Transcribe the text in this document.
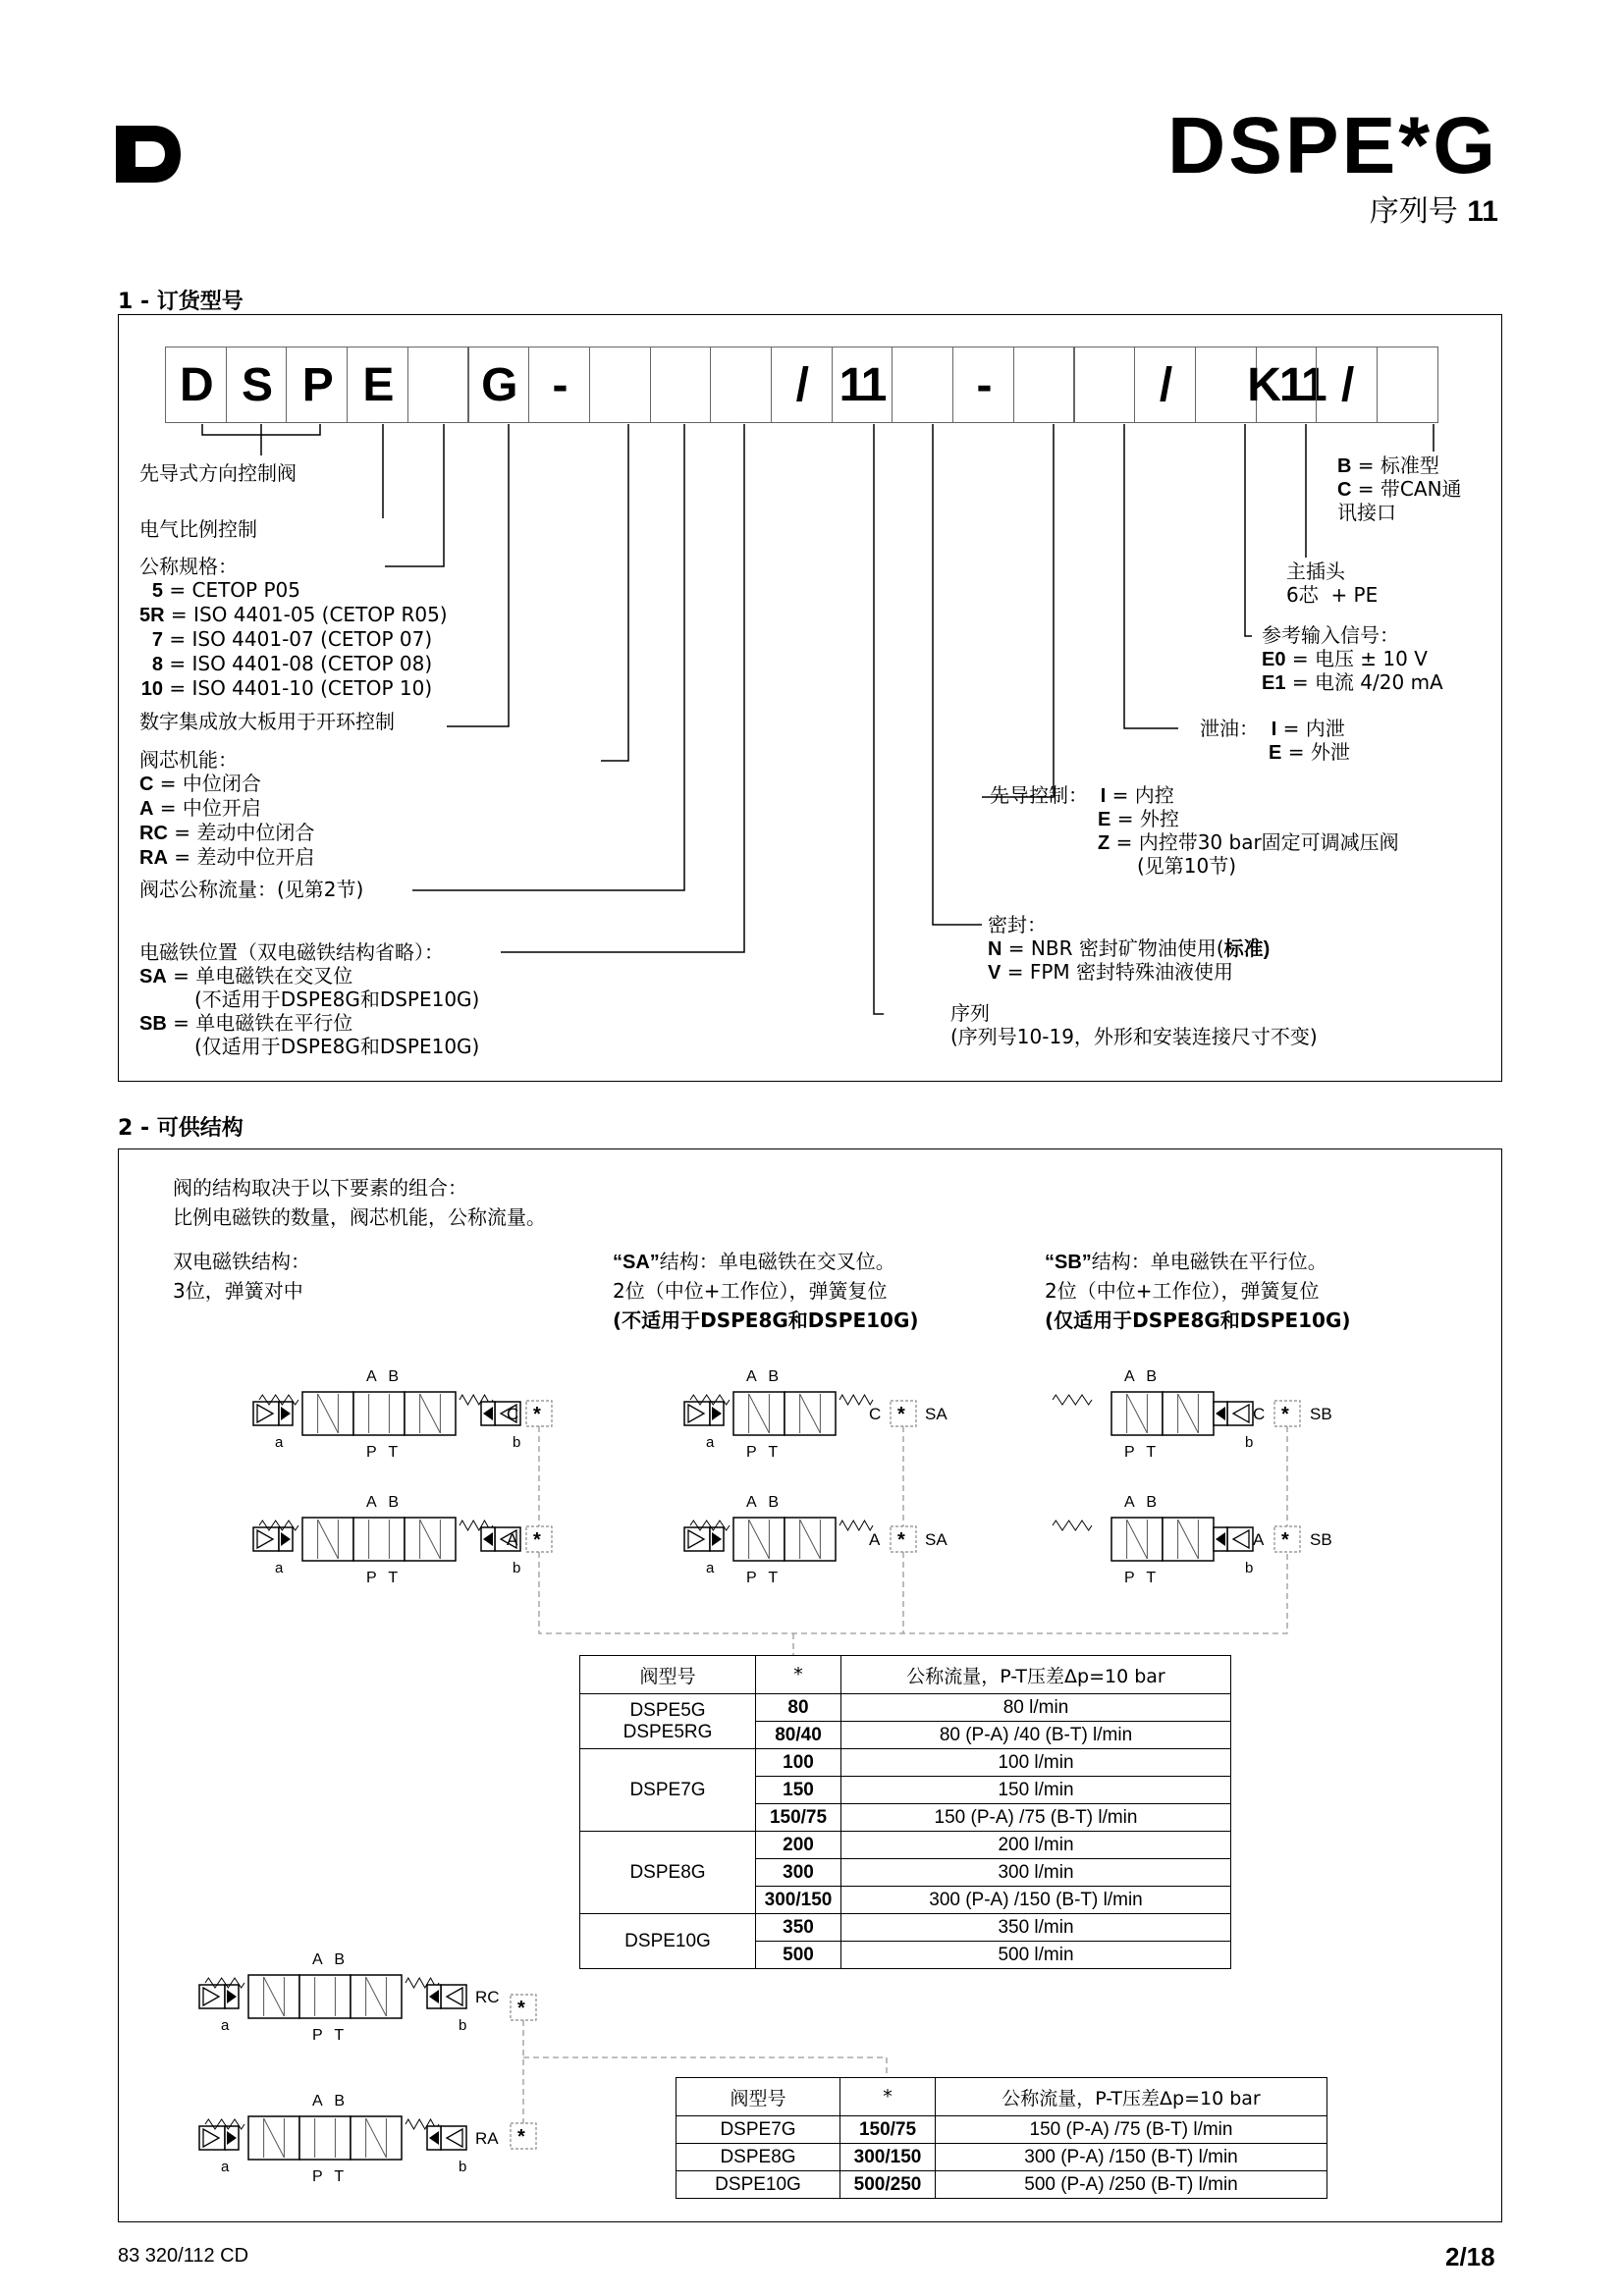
DSPE*G
序列号 11
1 - 订货型号
D S P E	G -	/ 11	-	/	K11 /
先导式方向控制阀
电气比例控制
公称规格：
5 = CETOP P05
5R = ISO 4401-05 (CETOP R05)
7 = ISO 4401-07 (CETOP 07)
8 = ISO 4401-08 (CETOP 08)
10 = ISO 4401-10 (CETOP 10)
数字集成放大板用于开环控制
阀芯机能：
C = 中位闭合
A = 中位开启
RC = 差动中位闭合
RA = 差动中位开启
阀芯公称流量：(见第2节)
电磁铁位置（双电磁铁结构省略）：
SA = 单电磁铁在交叉位
(不适用于DSPE8G和DSPE10G)
SB = 单电磁铁在平行位
(仅适用于DSPE8G和DSPE10G)
B = 标准型
C = 带CAN通
讯接口
主插头
6芯  + PE
参考输入信号：
E0 = 电压 ± 10 V
E1 = 电流 4/20 mA
泄油： I = 内泄
E = 外泄
先导控制： I = 内控
E = 外控
Z = 内控带30 bar固定可调减压阀
(见第10节)
密封：
N = NBR 密封矿物油使用(标准)
V = FPM 密封特殊油液使用
序列
(序列号10-19，外形和安装连接尺寸不变)
2 - 可供结构
阀的结构取决于以下要素的组合：
比例电磁铁的数量，阀芯机能，公称流量。
双电磁铁结构：
3位，弹簧对中
“SA”结构：单电磁铁在交叉位。
2位（中位+工作位），弹簧复位
(不适用于DSPE8G和DSPE10G)
“SB”结构：单电磁铁在平行位。
2位（中位+工作位），弹簧复位
(仅适用于DSPE8G和DSPE10G)
A B
P T
a	b
C *
A B
P T
a	b
A *
A B
P T
a
C * SA
A B
P T
a
A * SA
A B
P T
b
C * SB
A B
P T
b
A * SB
A B
P T
a	b
RC
*
A B
P T
a	b
RA *
阀型号	*	公称流量，P-T压差Δp=10 bar
DSPE5G
DSPE5RG	80	80 l/min
	80/40	80 (P-A) /40 (B-T) l/min
DSPE7G	100	100 l/min
	150	150 l/min
	150/75	150 (P-A) /75 (B-T) l/min
DSPE8G	200	200 l/min
	300	300 l/min
	300/150	300 (P-A) /150 (B-T) l/min
DSPE10G	350	350 l/min
	500	500 l/min
阀型号	*	公称流量，P-T压差Δp=10 bar
DSPE7G	150/75	150 (P-A) /75 (B-T) l/min
DSPE8G	300/150	300 (P-A) /150 (B-T) l/min
DSPE10G	500/250	500 (P-A) /250 (B-T) l/min
83 320/112 CD	2/18
